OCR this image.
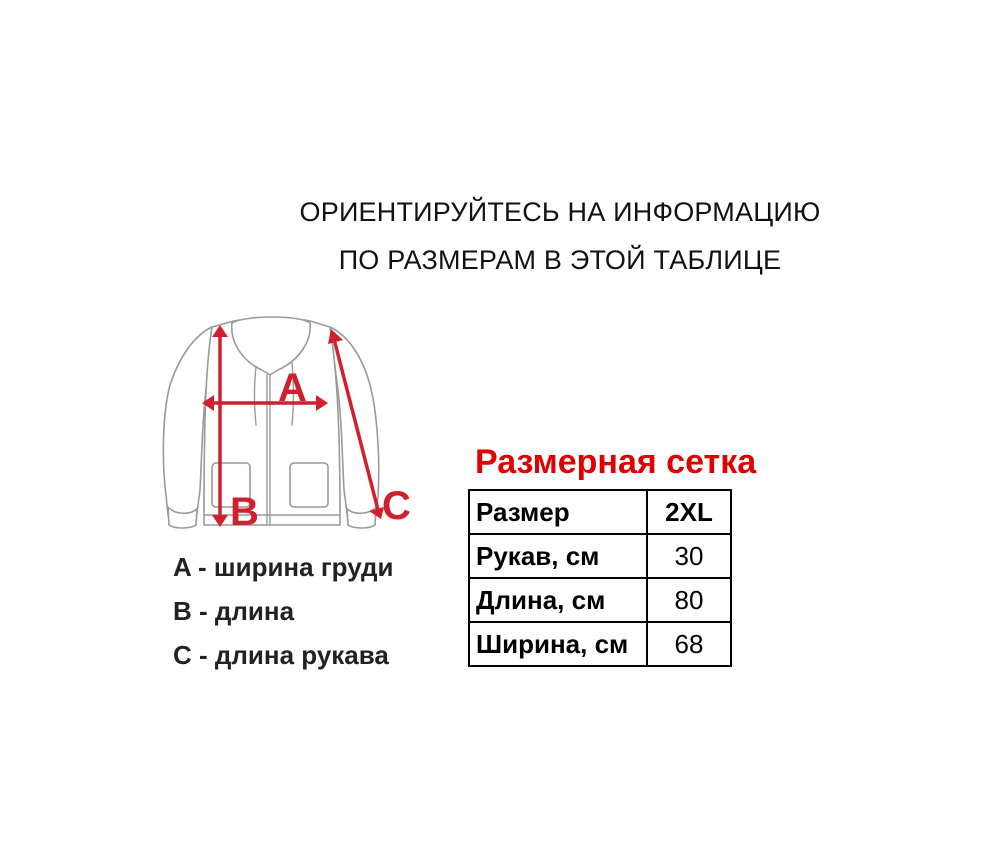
ОРИЕНТИРУЙТЕСЬ НА ИНФОРМАЦИЮ
ПО РАЗМЕРАМ В ЭТОЙ ТАБЛИЦЕ
A
B	C
A - ширина груди
B - длина
C - длина рукава
Размерная сетка
Размер	2XL
Рукав, см	30
Длина, см	80
Ширина, см	68
